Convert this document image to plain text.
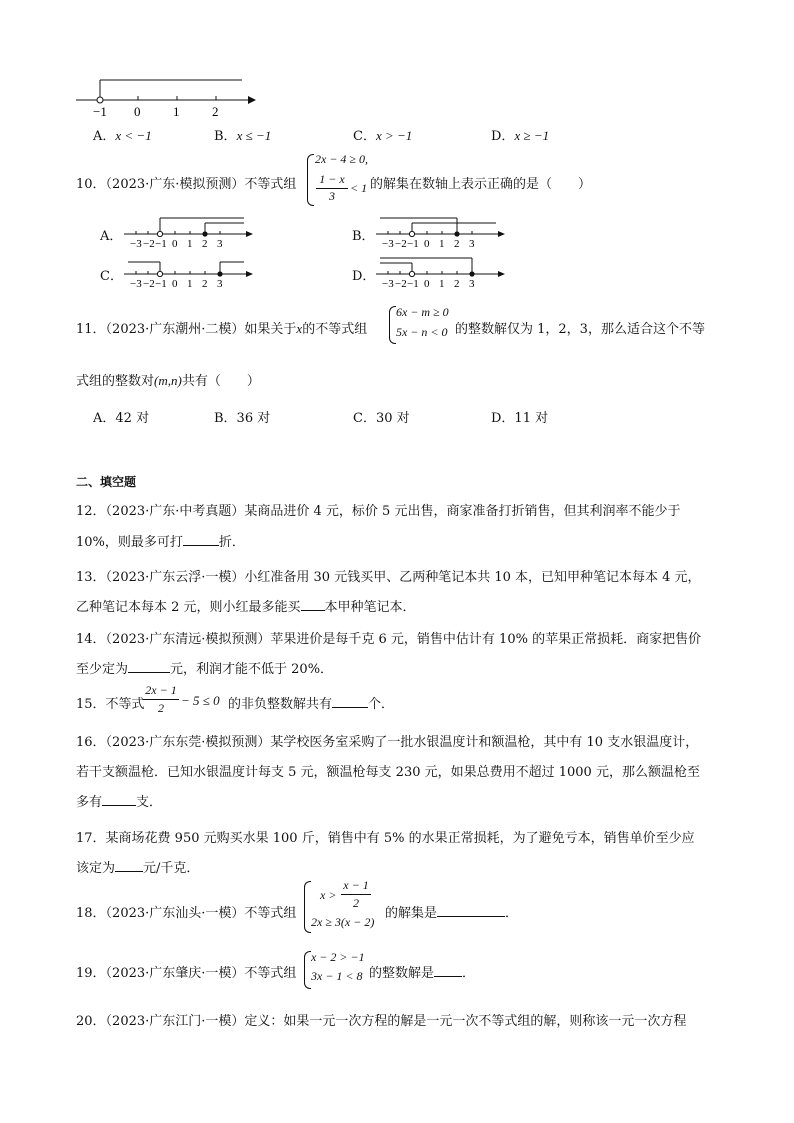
−1 0	1	2
A．x < −1	B．x ≤ −1	C．x > −1	D．x ≥ −1
10．（2023·广东·模拟预测）不等式组
2x − 4 ≥ 0,
1 − x
3
< 1 的解集在数轴上表示正确的是（　　）
A． −3 −2 −1 0 1 2 3	B． −3 −2 −1 0 1 2 3
C． −3 −2 −1 0 1 2 3	D． −3 −2 −1 0 1 2 3
11．（2023·广东潮州·二模）如果关于x的不等式组
6x − m ≥ 0
5x − n < 0 的整数解仅为 1，2，3，那么适合这个不等
式组的整数对(m,n)共有（　　）
A．42 对	B．36 对	C．30 对	D．11 对
二、填空题
12．（2023·广东·中考真题）某商品进价 4 元，标价 5 元出售，商家准备打折销售，但其利润率不能少于
10%，则最多可打	折．
13．（2023·广东云浮·一模）小红准备用 30 元钱买甲、乙两种笔记本共 10 本，已知甲种笔记本每本 4 元，
乙种笔记本每本 2 元，则小红最多能买 本甲种笔记本．
14．（2023·广东清远·模拟预测）苹果进价是每千克 6 元，销售中估计有 10% 的苹果正常损耗．商家把售价
至少定为	元，利润才能不低于 20%．
15．不等式
2x − 1
2	− 5 ≤ 0 的非负整数解共有	个．
16．（2023·广东东莞·模拟预测）某学校医务室采购了一批水银温度计和额温枪，其中有 10 支水银温度计，
若干支额温枪．已知水银温度计每支 5 元，额温枪每支 230 元，如果总费用不超过 1000 元，那么额温枪至
多有	支．
17．某商场花费 950 元购买水果 100 斤，销售中有 5% 的水果正常损耗，为了避免亏本，销售单价至少应
该定为 元/千克．
18．（2023·广东汕头·一模）不等式组
x >
x − 1
2
2x ≥ 3(x − 2)
的解集是	．
19．（2023·广东肇庆·一模）不等式组
x − 2 > −1
3x − 1 < 8 的整数解是 ．
20．（2023·广东江门·一模）定义：如果一元一次方程的解是一元一次不等式组的解，则称该一元一次方程
